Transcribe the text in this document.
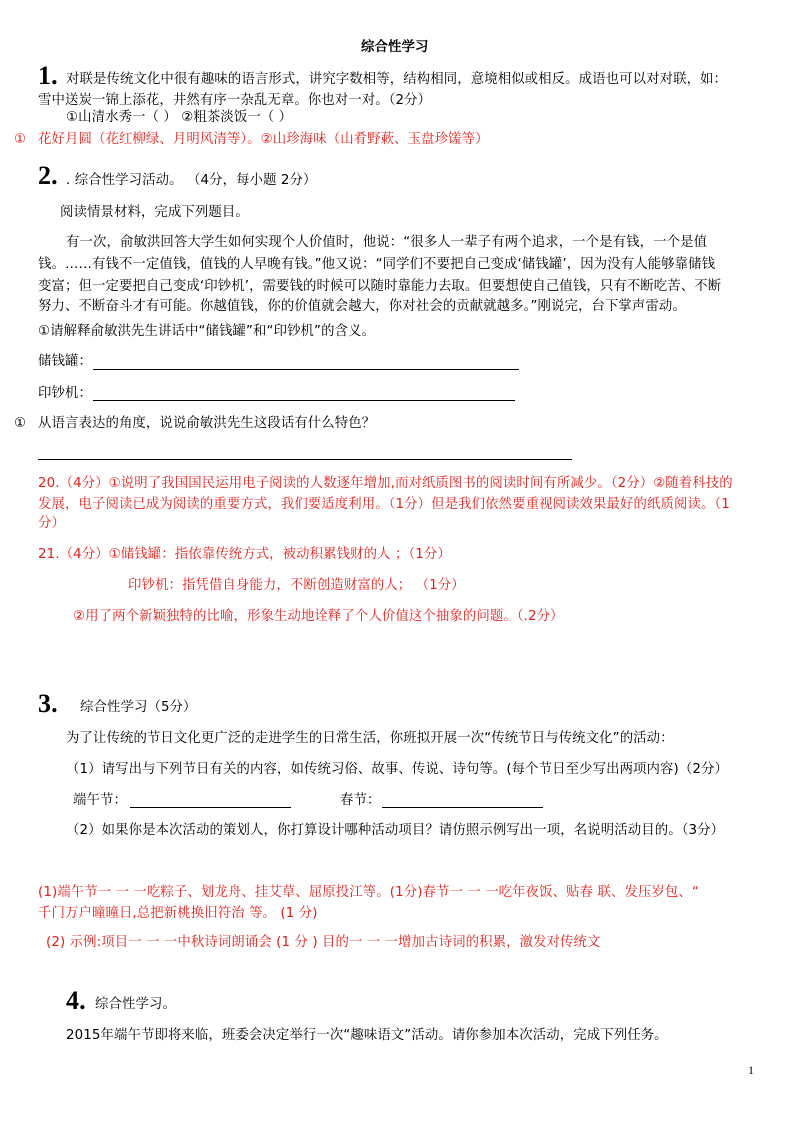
综合性学习
1. 对联是传统文化中很有趣味的语言形式，讲究字数相等，结构相同，意境相似或相反。成语也可以对对联，如：
雪中送炭一锦上添花，井然有序一杂乱无章。你也对一对。（2分）
①山清水秀一（ ） ②粗茶淡饭一（ ）
① 花好月圆（花红柳绿、月明风清等）。②山珍海味（山肴野蔌、玉盘珍馐等）
2. . 综合性学习活动。 （4分，每小题 2分）
阅读情景材料，完成下列题目。
有一次，俞敏洪回答大学生如何实现个人价值时，他说：“很多人一辈子有两个追求，一个是有钱，一个是值
钱。……有钱不一定值钱，值钱的人早晚有钱。”他又说：“同学们不要把自己变成‘储钱罐’，因为没有人能够靠储钱
变富；但一定要把自己变成‘印钞机’，需要钱的时候可以随时靠能力去取。但要想使自己值钱，只有不断吃苦、不断
努力、不断奋斗才有可能。你越值钱，你的价值就会越大，你对社会的贡献就越多。”刚说完，台下掌声雷动。
①请解释俞敏洪先生讲话中“储钱罐”和“印钞机”的含义。
储钱罐：
印钞机：
① 从语言表达的角度，说说俞敏洪先生这段话有什么特色？
20.（4分）①说明了我国国民运用电子阅读的人数逐年增加,而对纸质图书的阅读时间有所减少。（2分）②随着科技的
发展，电子阅读已成为阅读的重要方式，我们要适度利用。（1分）但是我们依然要重视阅读效果最好的纸质阅读。（1
分）
21.（4分）①储钱罐：指依靠传统方式，被动积累钱财的人 ；（1分）
印钞机：指凭借自身能力，不断创造财富的人； （1分）
②用了两个新颖独特的比喻，形象生动地诠释了个人价值这个抽象的问题。（.2分）
3. 综合性学习（5分）
为了让传统的节日文化更广泛的走进学生的日常生活，你班拟开展一次“传统节日与传统文化”的活动：
（1）请写出与下列节日有关的内容，如传统习俗、故事、传说、诗句等。(每个节日至少写出两项内容)（2分）
端午节：	春节：
（2）如果你是本次活动的策划人，你打算设计哪种活动项目？请仿照示例写出一项，名说明活动目的。（3分）
(1)端午节一 一 一吃粽子、划龙舟、挂艾草、屈原投江等。(1分)春节一 一 一吃年夜饭、贴春 联、发压岁包、“
千门万户曈曈日,总把新桃换旧符治 等。 (1 分)
(2) 示例:项目一 一 一中秋诗词朗诵会 (1 分 ) 目的一 一 一增加古诗词的积累，激发对传统文
4. 综合性学习。
2015年端午节即将来临，班委会决定举行一次“趣味语文”活动。请你参加本次活动，完成下列任务。
1
